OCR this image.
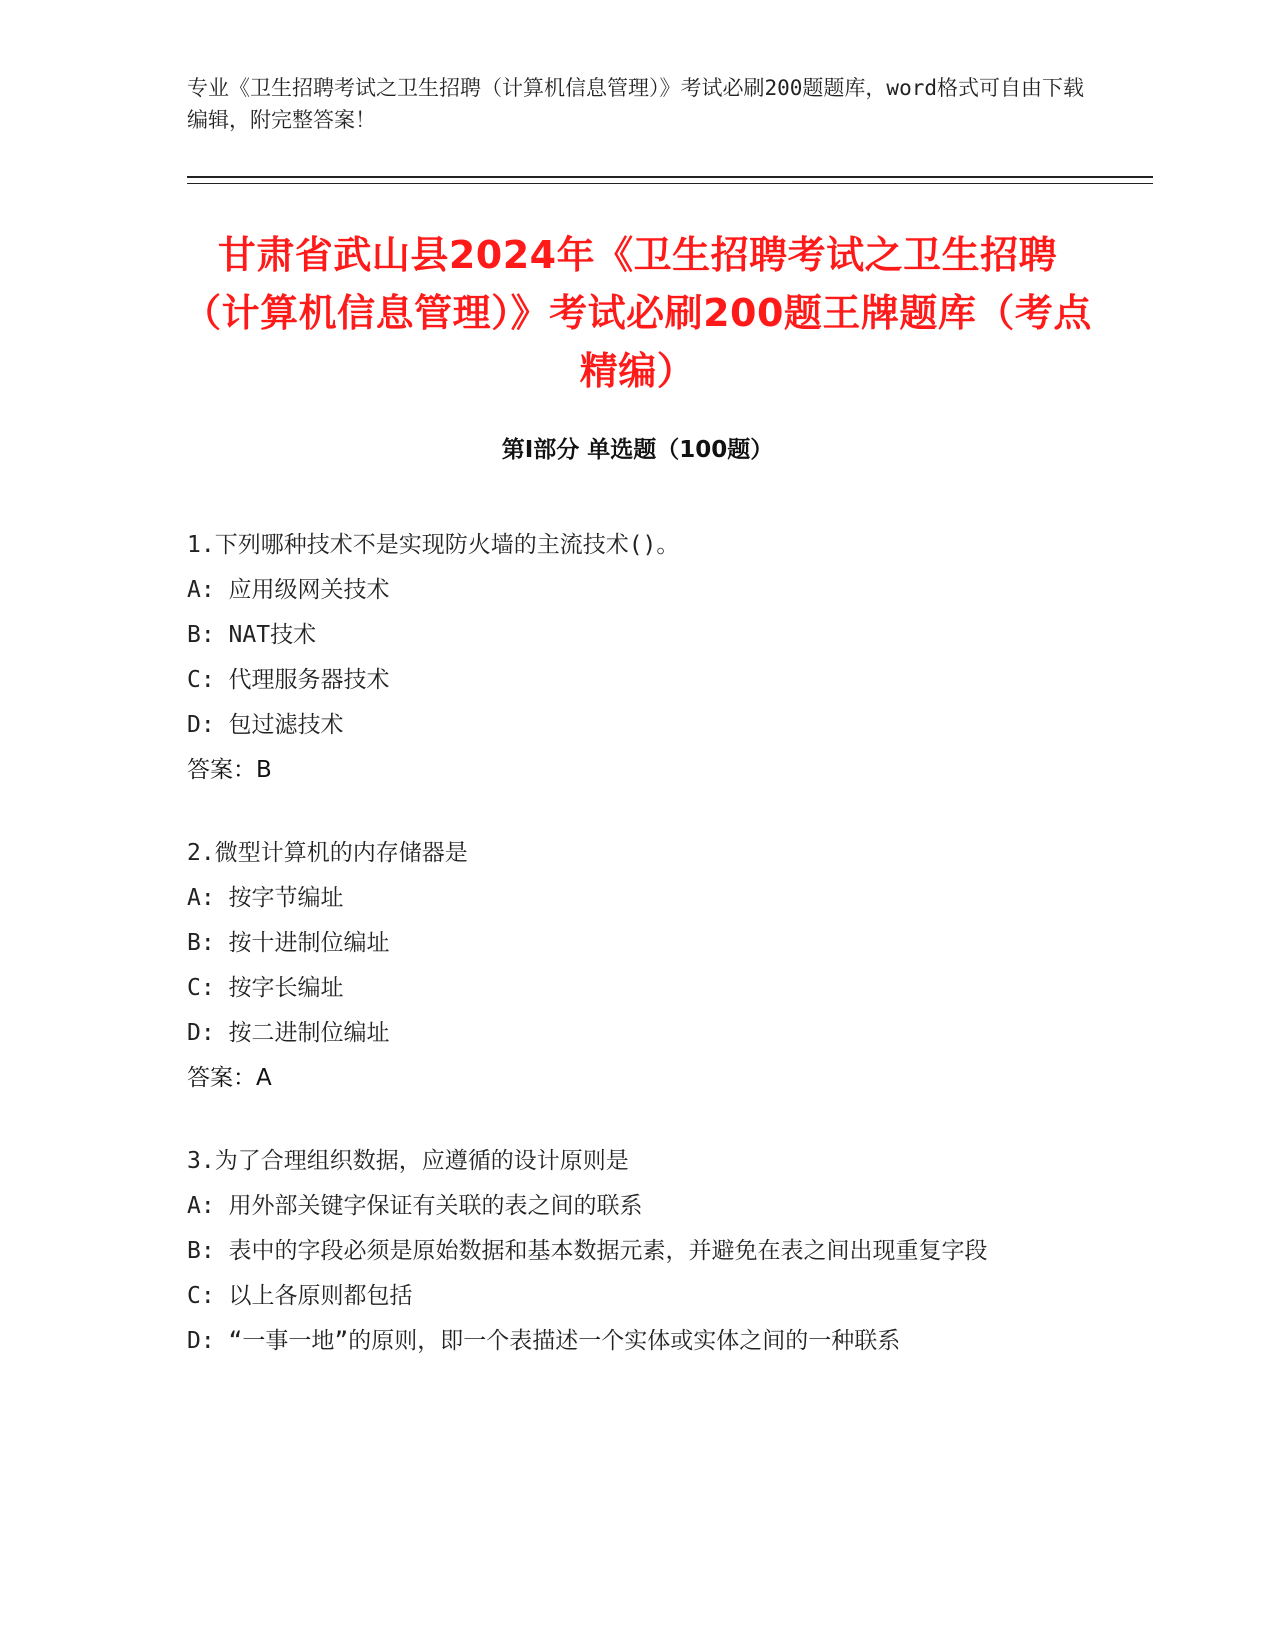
专业《卫生招聘考试之卫生招聘（计算机信息管理）》考试必刷200题题库，word格式可自由下载编辑，附完整答案！
甘肃省武山县2024年《卫生招聘考试之卫生招聘（计算机信息管理）》考试必刷200题王牌题库（考点精编）
第Ⅰ部分 单选题（100题）
1.下列哪种技术不是实现防火墙的主流技术()。
A: 应用级网关技术
B: NAT技术
C: 代理服务器技术
D: 包过滤技术
答案：B
2.微型计算机的内存储器是
A: 按字节编址
B: 按十进制位编址
C: 按字长编址
D: 按二进制位编址
答案：A
3.为了合理组织数据，应遵循的设计原则是
A: 用外部关键字保证有关联的表之间的联系
B: 表中的字段必须是原始数据和基本数据元素，并避免在表之间出现重复字段
C: 以上各原则都包括
D: “一事一地”的原则，即一个表描述一个实体或实体之间的一种联系
